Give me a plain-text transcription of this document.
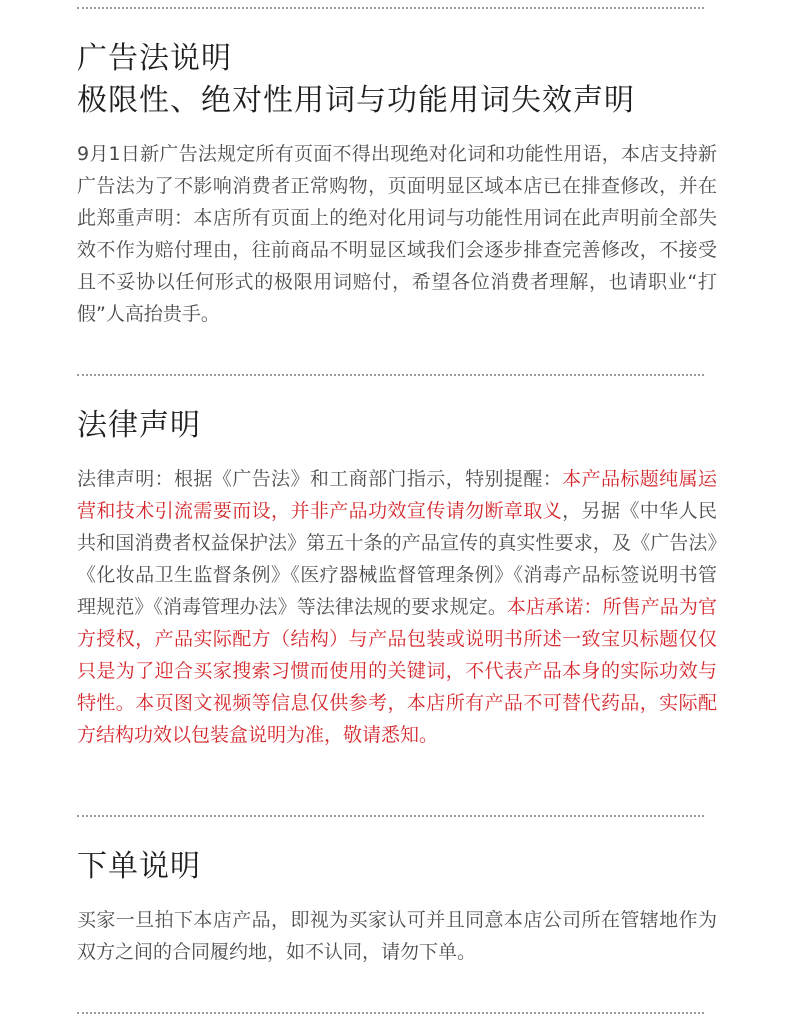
广告法说明
极限性、绝对性用词与功能用词失效声明

9月1日新广告法规定所有页面不得出现绝对化词和功能性用语，本店支持新广告法为了不影响消费者正常购物，页面明显区域本店已在排查修改，并在此郑重声明：本店所有页面上的绝对化用词与功能性用词在此声明前全部失效不作为赔付理由，往前商品不明显区域我们会逐步排查完善修改，不接受且不妥协以任何形式的极限用词赔付，希望各位消费者理解，也请职业“打假”人高抬贵手。

法律声明

法律声明：根据《广告法》和工商部门指示，特别提醒：本产品标题纯属运营和技术引流需要而设，并非产品功效宣传请勿断章取义，另据《中华人民共和国消费者权益保护法》第五十条的产品宣传的真实性要求，及《广告法》《化妆品卫生监督条例》《医疗器械监督管理条例》《消毒产品标签说明书管理规范》《消毒管理办法》等法律法规的要求规定。本店承诺：所售产品为官方授权，产品实际配方（结构）与产品包装或说明书所述一致宝贝标题仅仅只是为了迎合买家搜索习惯而使用的关键词，不代表产品本身的实际功效与特性。本页图文视频等信息仅供参考，本店所有产品不可替代药品，实际配方结构功效以包装盒说明为准，敬请悉知。

下单说明

买家一旦拍下本店产品，即视为买家认可并且同意本店公司所在管辖地作为双方之间的合同履约地，如不认同，请勿下单。
